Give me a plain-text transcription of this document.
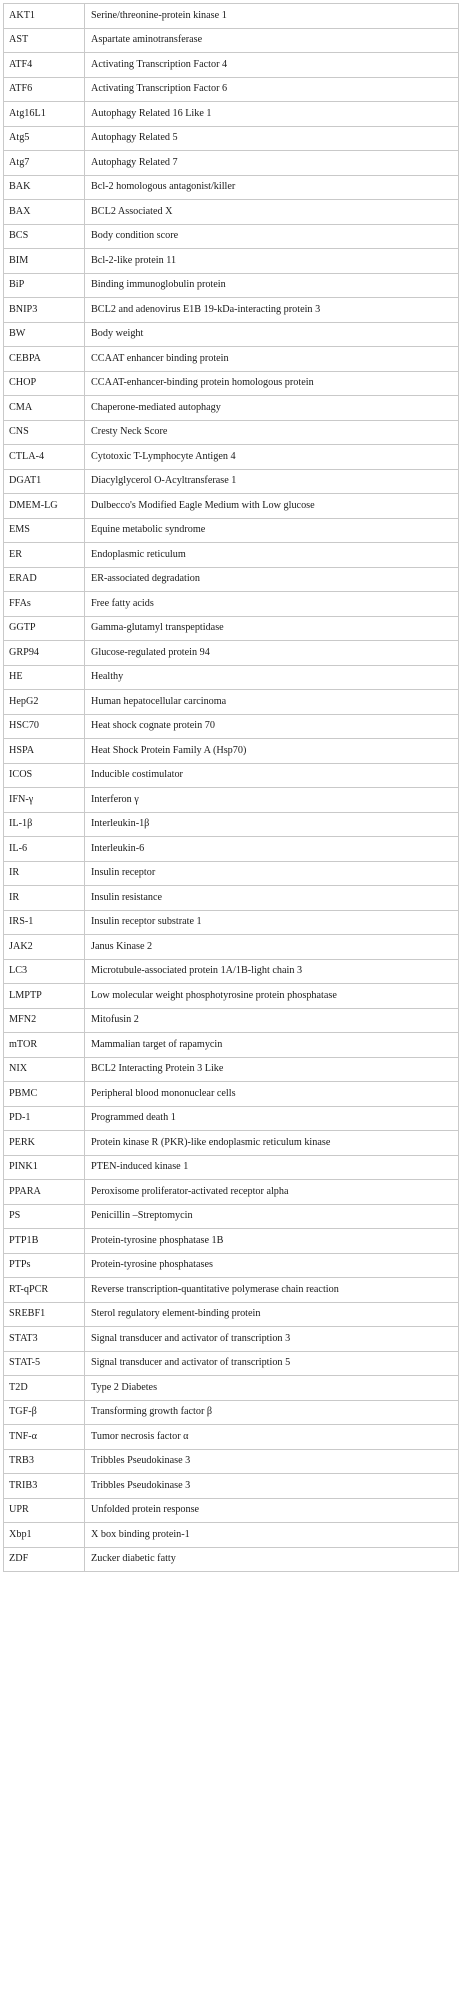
AKT1	Serine/threonine-protein kinase 1
AST	Aspartate aminotransferase
ATF4	Activating Transcription Factor 4
ATF6	Activating Transcription Factor 6
Atg16L1	Autophagy Related 16 Like 1
Atg5	Autophagy Related 5
Atg7	Autophagy Related 7
BAK	Bcl-2 homologous antagonist/killer
BAX	BCL2 Associated X
BCS	Body condition score
BIM	Bcl-2-like protein 11
BiP	Binding immunoglobulin protein
BNIP3	BCL2 and adenovirus E1B 19-kDa-interacting protein 3
BW	Body weight
CEBPA	CCAAT enhancer binding protein
CHOP	CCAAT-enhancer-binding protein homologous protein
CMA	Chaperone-mediated autophagy
CNS	Cresty Neck Score
CTLA-4	Cytotoxic T-Lymphocyte Antigen 4
DGAT1	Diacylglycerol O-Acyltransferase 1
DMEM-LG	Dulbecco's Modified Eagle Medium with Low glucose
EMS	Equine metabolic syndrome
ER	Endoplasmic reticulum
ERAD	ER-associated degradation
FFAs	Free fatty acids
GGTP	Gamma-glutamyl transpeptidase
GRP94	Glucose-regulated protein 94
HE	Healthy
HepG2	Human hepatocellular carcinoma
HSC70	Heat shock cognate protein 70
HSPA	Heat Shock Protein Family A (Hsp70)
ICOS	Inducible costimulator
IFN-γ	Interferon γ
IL-1β	Interleukin-1β
IL-6	Interleukin-6
IR	Insulin receptor
IR	Insulin resistance
IRS-1	Insulin receptor substrate 1
JAK2	Janus Kinase 2
LC3	Microtubule-associated protein 1A/1B-light chain 3
LMPTP	Low molecular weight phosphotyrosine protein phosphatase
MFN2	Mitofusin 2
mTOR	Mammalian target of rapamycin
NIX	BCL2 Interacting Protein 3 Like
PBMC	Peripheral blood mononuclear cells
PD-1	Programmed death 1
PERK	Protein kinase R (PKR)-like endoplasmic reticulum kinase
PINK1	PTEN-induced kinase 1
PPARA	Peroxisome proliferator-activated receptor alpha
PS	Penicillin –Streptomycin
PTP1B	Protein-tyrosine phosphatase 1B
PTPs	Protein-tyrosine phosphatases
RT-qPCR	Reverse transcription-quantitative polymerase chain reaction
SREBF1	Sterol regulatory element-binding protein
STAT3	Signal transducer and activator of transcription 3
STAT-5	Signal transducer and activator of transcription 5
T2D	Type 2 Diabetes
TGF-β	Transforming growth factor β
TNF-α	Tumor necrosis factor α
TRB3	Tribbles Pseudokinase 3
TRIB3	Tribbles Pseudokinase 3
UPR	Unfolded protein response
Xbp1	X box binding protein-1
ZDF	Zucker diabetic fatty
